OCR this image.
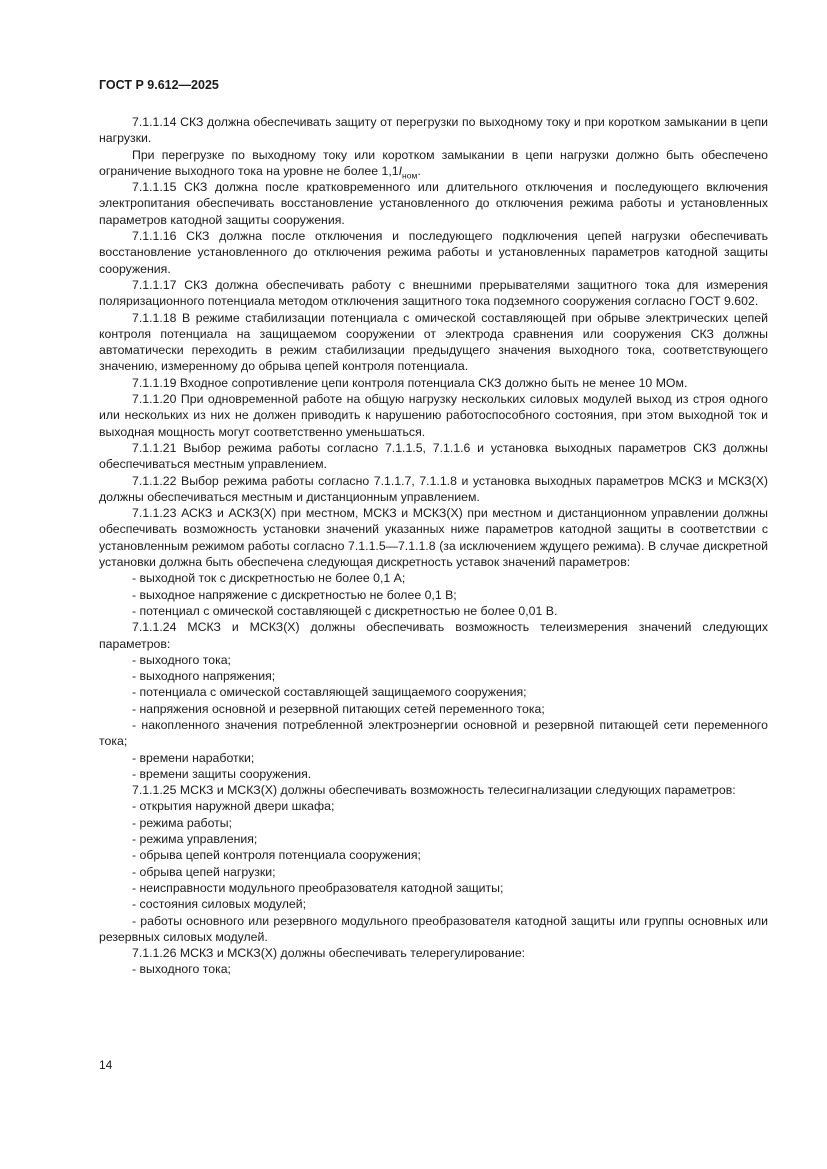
ГОСТ Р 9.612—2025

7.1.1.14 СКЗ должна обеспечивать защиту от перегрузки по выходному току и при коротком замыкании в цепи нагрузки.

При перегрузке по выходному току или коротком замыкании в цепи нагрузки должно быть обеспечено ограничение выходного тока на уровне не более $1,1I_{ном}$.

7.1.1.15 СКЗ должна после кратковременного или длительного отключения и последующего включения электропитания обеспечивать восстановление установленного до отключения режима работы и установленных параметров катодной защиты сооружения.

7.1.1.16 СКЗ должна после отключения и последующего подключения цепей нагрузки обеспечивать восстановление установленного до отключения режима работы и установленных параметров катодной защиты сооружения.

7.1.1.17 СКЗ должна обеспечивать работу с внешними прерывателями защитного тока для измерения поляризационного потенциала методом отключения защитного тока подземного сооружения согласно ГОСТ 9.602.

7.1.1.18 В режиме стабилизации потенциала с омической составляющей при обрыве электрических цепей контроля потенциала на защищаемом сооружении от электрода сравнения или сооружения СКЗ должны автоматически переходить в режим стабилизации предыдущего значения выходного тока, соответствующего значению, измеренному до обрыва цепей контроля потенциала.

7.1.1.19 Входное сопротивление цепи контроля потенциала СКЗ должно быть не менее 10 МОм.

7.1.1.20 При одновременной работе на общую нагрузку нескольких силовых модулей выход из строя одного или нескольких из них не должен приводить к нарушению работоспособного состояния, при этом выходной ток и выходная мощность могут соответственно уменьшаться.

7.1.1.21 Выбор режима работы согласно 7.1.1.5, 7.1.1.6 и установка выходных параметров СКЗ должны обеспечиваться местным управлением.

7.1.1.22 Выбор режима работы согласно 7.1.1.7, 7.1.1.8 и установка выходных параметров МСКЗ и МСКЗ(Х) должны обеспечиваться местным и дистанционным управлением.

7.1.1.23 АСКЗ и АСКЗ(Х) при местном, МСКЗ и МСКЗ(Х) при местном и дистанционном управлении должны обеспечивать возможность установки значений указанных ниже параметров катодной защиты в соответствии с установленным режимом работы согласно 7.1.1.5—7.1.1.8 (за исключением ждущего режима). В случае дискретной установки должна быть обеспечена следующая дискретность уставок значений параметров:

- выходной ток с дискретностью не более 0,1 А;

- выходное напряжение с дискретностью не более 0,1 В;

- потенциал с омической составляющей с дискретностью не более 0,01 В.

7.1.1.24 МСКЗ и МСКЗ(Х) должны обеспечивать возможность телеизмерения значений следующих параметров:

- выходного тока;

- выходного напряжения;

- потенциала с омической составляющей защищаемого сооружения;

- напряжения основной и резервной питающих сетей переменного тока;

- накопленного значения потребленной электроэнергии основной и резервной питающей сети переменного тока;

- времени наработки;

- времени защиты сооружения.

7.1.1.25 МСКЗ и МСКЗ(Х) должны обеспечивать возможность телесигнализации следующих параметров:

- открытия наружной двери шкафа;

- режима работы;

- режима управления;

- обрыва цепей контроля потенциала сооружения;

- обрыва цепей нагрузки;

- неисправности модульного преобразователя катодной защиты;

- состояния силовых модулей;

- работы основного или резервного модульного преобразователя катодной защиты или группы основных или резервных силовых модулей.

7.1.1.26 МСКЗ и МСКЗ(Х) должны обеспечивать телерегулирование:

- выходного тока;

14
